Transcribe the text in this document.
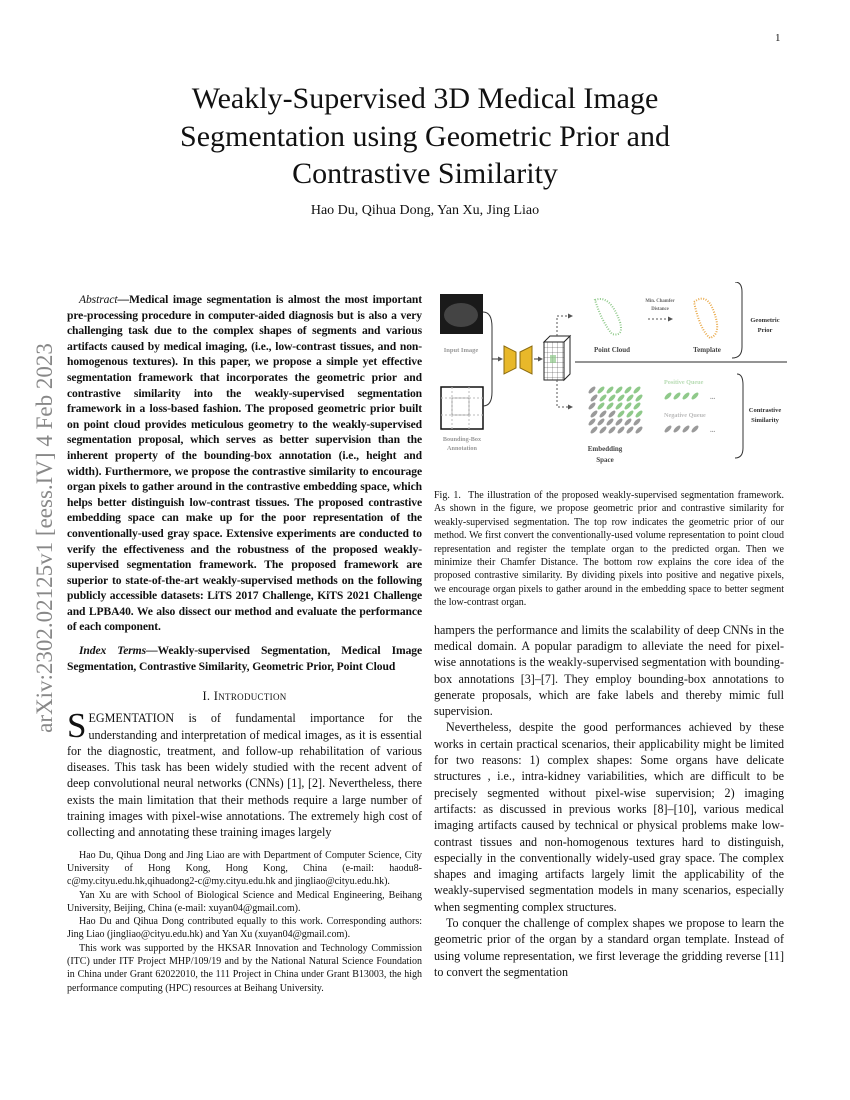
1
arXiv:2302.02125v1 [eess.IV] 4 Feb 2023
Weakly-Supervised 3D Medical Image
Segmentation using Geometric Prior and
Contrastive Similarity
Hao Du, Qihua Dong, Yan Xu, Jing Liao
Abstract—Medical image segmentation is almost the most important pre-processing procedure in computer-aided diagnosis but is also a very challenging task due to the complex shapes of segments and various artifacts caused by medical imaging, (i.e., low-contrast tissues, and non-homogenous textures). In this paper, we propose a simple yet effective segmentation framework that incorporates the geometric prior and contrastive similarity into the weakly-supervised segmentation framework in a loss-based fashion. The proposed geometric prior built on point cloud provides meticulous geometry to the weakly-supervised segmentation proposal, which serves as better supervision than the inherent property of the bounding-box annotation (i.e., height and width). Furthermore, we propose the contrastive similarity to encourage organ pixels to gather around in the contrastive embedding space, which helps better distinguish low-contrast tissues. The proposed contrastive embedding space can make up for the poor representation of the conventionally-used gray space. Extensive experiments are conducted to verify the effectiveness and the robustness of the proposed weakly-supervised segmentation framework. The proposed framework are superior to state-of-the-art weakly-supervised methods on the following publicly accessible datasets: LiTS 2017 Challenge, KiTS 2021 Challenge and LPBA40. We also dissect our method and evaluate the performance of each component.
Index Terms—Weakly-supervised Segmentation, Medical Image Segmentation, Contrastive Similarity, Geometric Prior, Point Cloud
I. Introduction
SEGMENTATION is of fundamental importance for the understanding and interpretation of medical images, as it is essential for the diagnostic, treatment, and follow-up rehabilitation of various diseases. This task has been widely studied with the recent advent of deep convolutional neural networks (CNNs) [1], [2]. Nevertheless, there exists the main limitation that their methods require a large number of training images with pixel-wise annotations. The extremely high cost of collecting and annotating these training images largely

Hao Du, Qihua Dong and Jing Liao are with Department of Computer Science, City University of Hong Kong, Hong Kong, China (e-mail: haodu8-c@my.cityu.edu.hk,qihuadong2-c@my.cityu.edu.hk and jingliao@cityu.edu.hk).

Yan Xu are with School of Biological Science and Medical Engineering, Beihang University, Beijing, China (e-mail: xuyan04@gmail.com).

Hao Du and Qihua Dong contributed equally to this work. Corresponding authors: Jing Liao (jingliao@cityu.edu.hk) and Yan Xu (xuyan04@gmail.com).

This work was supported by the HKSAR Innovation and Technology Commission (ITC) under ITF Project MHP/109/19 and by the National Natural Science Foundation in China under Grant 62022010, the 111 Project in China under Grant B13003, the high performance computing (HPC) resources at Beihang University.

Input Image
Bounding-Box
Annotation
Point Cloud
Min. Chamfer
Distance
Template
Geometric
Prior
Embedding
Space
Positive Queue
Negative Queue
...
...
Contrastive
Similarity
Fig. 1. The illustration of the proposed weakly-supervised segmentation framework. As shown in the figure, we propose geometric prior and contrastive similarity for weakly-supervised segmentation. The top row indicates the geometric prior of our method. We first convert the conventionally-used volume representation to point cloud representation and register the template organ to the predicted organ. Then we minimize their Chamfer Distance. The bottom row explains the core idea of the proposed contrastive similarity. By dividing pixels into positive and negative pixels, we encourage organ pixels to gather around in the embedding space to better segment the low-contrast organ.

hampers the performance and limits the scalability of deep CNNs in the medical domain. A popular paradigm to alleviate the need for pixel-wise annotations is the weakly-supervised segmentation with bounding-box annotations [3]–[7]. They employ bounding-box annotations to generate proposals, which are fake labels and thereby mimic full supervision.

Nevertheless, despite the good performances achieved by these works in certain practical scenarios, their applicability might be limited for two reasons: 1) complex shapes: Some organs have delicate structures , i.e., intra-kidney variabilities, which are difficult to be precisely segmented without pixel-wise supervision; 2) imaging artifacts: as discussed in previous works [8]–[10], various medical imaging artifacts caused by technical or physical problems make low-contrast tissues and non-homogenous textures hard to distinguish, especially in the conventionally widely-used gray space. The complex shapes and imaging artifacts largely limit the applicability of the weakly-supervised segmentation models in many scenarios, especially when segmenting complex structures.

To conquer the challenge of complex shapes we propose to learn the geometric prior of the organ by a standard organ template. Instead of using volume representation, we first leverage the gridding reverse [11] to convert the segmentation
